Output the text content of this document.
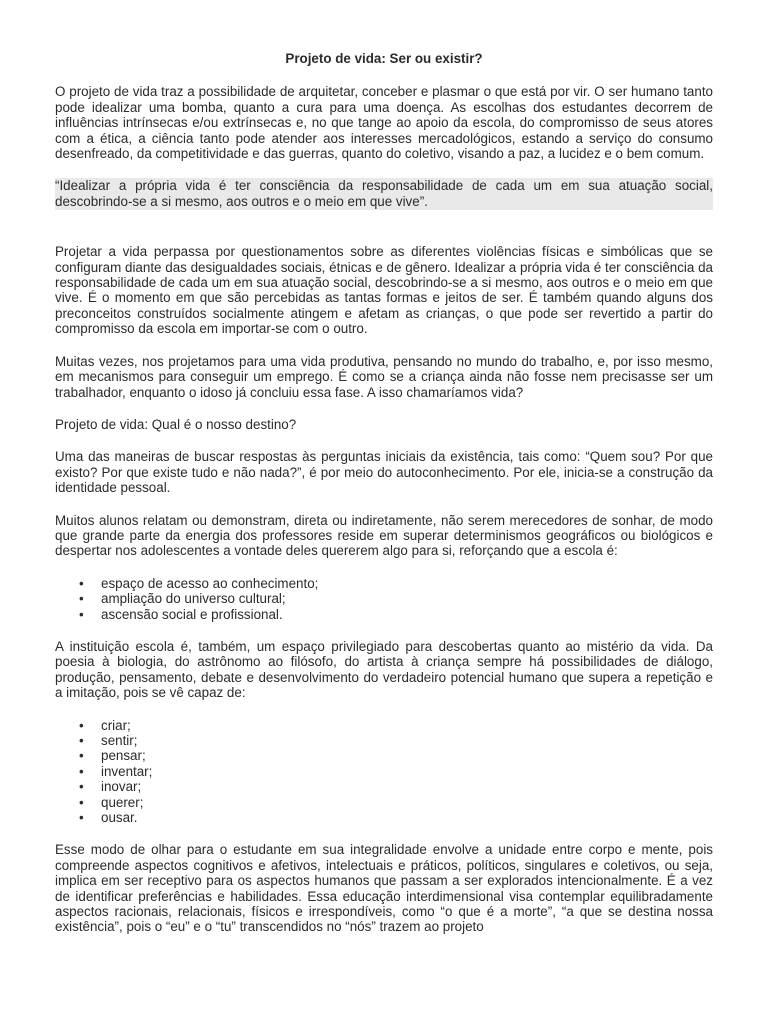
Projeto de vida: Ser ou existir?

O projeto de vida traz a possibilidade de arquitetar, conceber e plasmar o que está por vir. O ser humano tanto pode idealizar uma bomba, quanto a cura para uma doença. As escolhas dos estudantes decorrem de influências intrínsecas e/ou extrínsecas e, no que tange ao apoio da escola, do compromisso de seus atores com a ética, a ciência tanto pode atender aos interesses mercadológicos, estando a serviço do consumo desenfreado, da competitividade e das guerras, quanto do coletivo, visando a paz, a lucidez e o bem comum.

“Idealizar a própria vida é ter consciência da responsabilidade de cada um em sua atuação social, descobrindo-se a si mesmo, aos outros e o meio em que vive”.

Projetar a vida perpassa por questionamentos sobre as diferentes violências físicas e simbólicas que se configuram diante das desigualdades sociais, étnicas e de gênero. Idealizar a própria vida é ter consciência da responsabilidade de cada um em sua atuação social, descobrindo-se a si mesmo, aos outros e o meio em que vive. É o momento em que são percebidas as tantas formas e jeitos de ser. É também quando alguns dos preconceitos construídos socialmente atingem e afetam as crianças, o que pode ser revertido a partir do compromisso da escola em importar-se com o outro.

Muitas vezes, nos projetamos para uma vida produtiva, pensando no mundo do trabalho, e, por isso mesmo, em mecanismos para conseguir um emprego. É como se a criança ainda não fosse nem precisasse ser um trabalhador, enquanto o idoso já concluiu essa fase. A isso chamaríamos vida?

Projeto de vida: Qual é o nosso destino?

Uma das maneiras de buscar respostas às perguntas iniciais da existência, tais como: “Quem sou? Por que existo? Por que existe tudo e não nada?”, é por meio do autoconhecimento. Por ele, inicia-se a construção da identidade pessoal.

Muitos alunos relatam ou demonstram, direta ou indiretamente, não serem merecedores de sonhar, de modo que grande parte da energia dos professores reside em superar determinismos geográficos ou biológicos e despertar nos adolescentes a vontade deles quererem algo para si, reforçando que a escola é:

• espaço de acesso ao conhecimento;
• ampliação do universo cultural;
• ascensão social e profissional.

A instituição escola é, também, um espaço privilegiado para descobertas quanto ao mistério da vida. Da poesia à biologia, do astrônomo ao filósofo, do artista à criança sempre há possibilidades de diálogo, produção, pensamento, debate e desenvolvimento do verdadeiro potencial humano que supera a repetição e a imitação, pois se vê capaz de:

• criar;
• sentir;
• pensar;
• inventar;
• inovar;
• querer;
• ousar.

Esse modo de olhar para o estudante em sua integralidade envolve a unidade entre corpo e mente, pois compreende aspectos cognitivos e afetivos, intelectuais e práticos, políticos, singulares e coletivos, ou seja, implica em ser receptivo para os aspectos humanos que passam a ser explorados intencionalmente. É a vez de identificar preferências e habilidades. Essa educação interdimensional visa contemplar equilibradamente aspectos racionais, relacionais, físicos e irrespondíveis, como “o que é a morte”, “a que se destina nossa existência”, pois o “eu” e o “tu” transcendidos no “nós” trazem ao projeto
